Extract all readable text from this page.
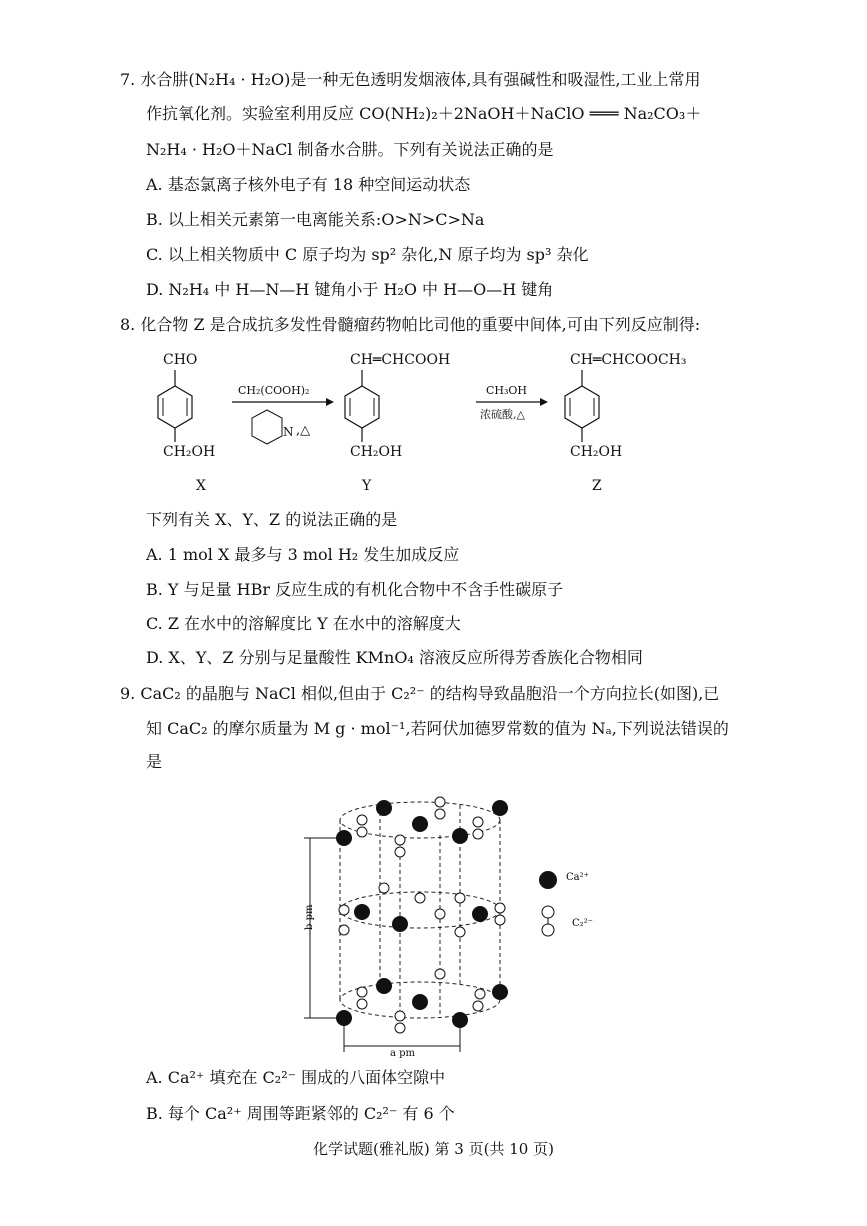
7. 水合肼(N₂H₄ · H₂O)是一种无色透明发烟液体,具有强碱性和吸湿性,工业上常用
作抗氧化剂。实验室利用反应 CO(NH₂)₂＋2NaOH＋NaClO ═══ Na₂CO₃＋
N₂H₄ · H₂O＋NaCl 制备水合肼。下列有关说法正确的是
A. 基态氯离子核外电子有 18 种空间运动状态
B. 以上相关元素第一电离能关系:O>N>C>Na
C. 以上相关物质中 C 原子均为 sp² 杂化,N 原子均为 sp³ 杂化
D. N₂H₄ 中 H—N—H 键角小于 H₂O 中 H—O—H 键角
8. 化合物 Z 是合成抗多发性骨髓瘤药物帕比司他的重要中间体,可由下列反应制得:
CHO
CH₂OH
X
CH₂(COOH)₂
N ,△
CH═CHCOOH
CH₂OH
Y
CH₃OH
浓硫酸,△
CH═CHCOOCH₃
CH₂OH
Z
下列有关 X、Y、Z 的说法正确的是
A. 1 mol X 最多与 3 mol H₂ 发生加成反应
B. Y 与足量 HBr 反应生成的有机化合物中不含手性碳原子
C. Z 在水中的溶解度比 Y 在水中的溶解度大
D. X、Y、Z 分别与足量酸性 KMnO₄ 溶液反应所得芳香族化合物相同
9. CaC₂ 的晶胞与 NaCl 相似,但由于 C₂²⁻ 的结构导致晶胞沿一个方向拉长(如图),已
知 CaC₂ 的摩尔质量为 M g · mol⁻¹,若阿伏加德罗常数的值为 Nₐ,下列说法错误的
是
b pm
a pm
Ca²⁺
C₂²⁻
A. Ca²⁺ 填充在 C₂²⁻ 围成的八面体空隙中
B. 每个 Ca²⁺ 周围等距紧邻的 C₂²⁻ 有 6 个
化学试题(雅礼版) 第 3 页(共 10 页)
